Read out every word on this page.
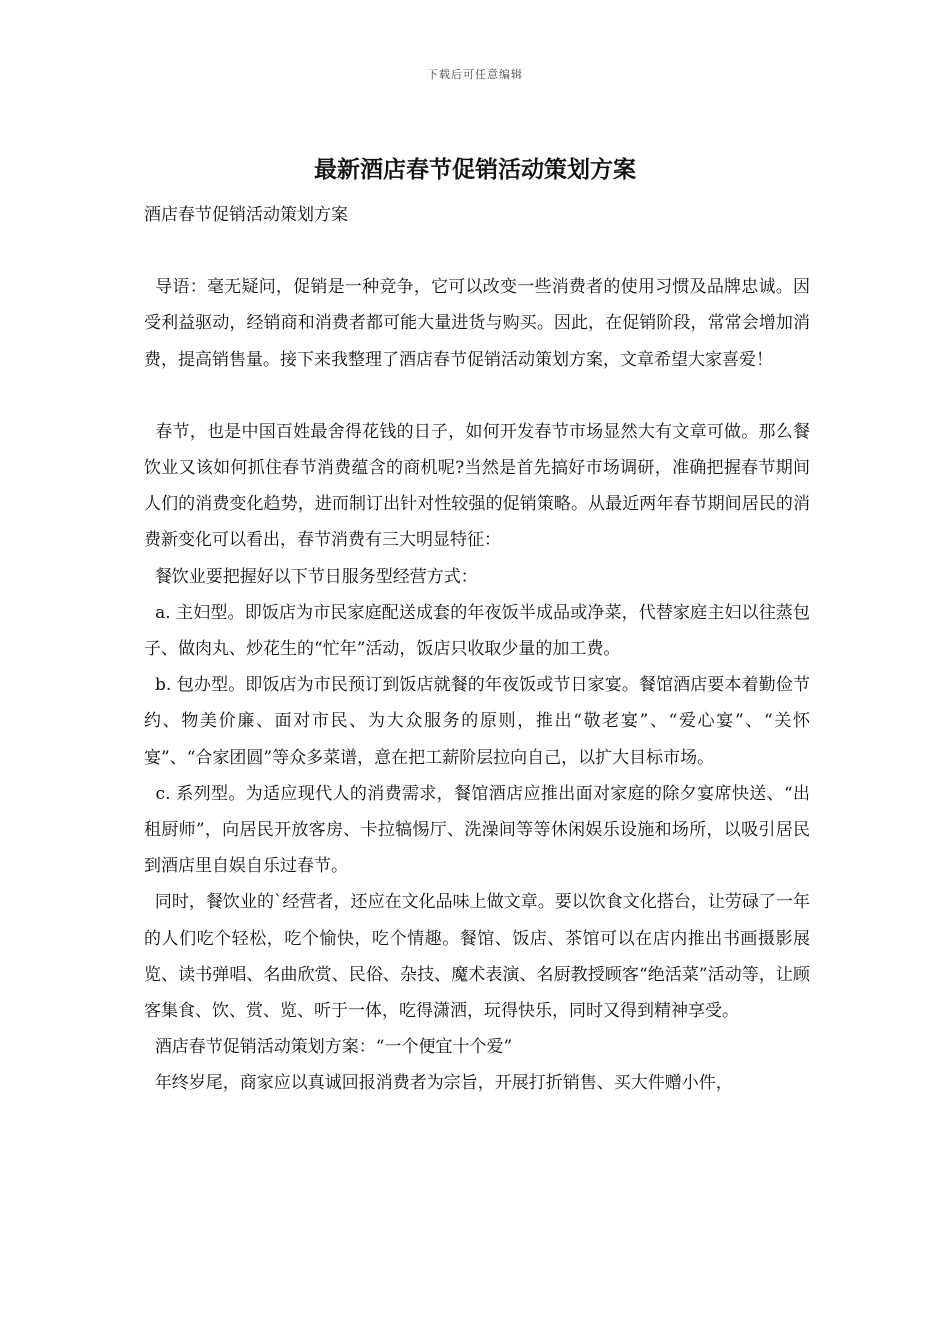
下载后可任意编辑
最新酒店春节促销活动策划方案

酒店春节促销活动策划方案

导语：毫无疑问，促销是一种竞争，它可以改变一些消费者的使用习惯及品牌忠诚。因受利益驱动，经销商和消费者都可能大量进货与购买。因此，在促销阶段，常常会增加消费，提高销售量。接下来我整理了酒店春节促销活动策划方案，文章希望大家喜爱！

春节，也是中国百姓最舍得花钱的日子，如何开发春节市场显然大有文章可做。那么餐饮业又该如何抓住春节消费蕴含的商机呢?当然是首先搞好市场调研，准确把握春节期间人们的消费变化趋势，进而制订出针对性较强的促销策略。从最近两年春节期间居民的消费新变化可以看出，春节消费有三大明显特征：

餐饮业要把握好以下节日服务型经营方式：

a. 主妇型。即饭店为市民家庭配送成套的年夜饭半成品或净菜，代替家庭主妇以往蒸包子、做肉丸、炒花生的“忙年”活动，饭店只收取少量的加工费。

b. 包办型。即饭店为市民预订到饭店就餐的年夜饭或节日家宴。餐馆酒店要本着勤俭节约、物美价廉、面对市民、为大众服务的原则，推出“敬老宴”、“爱心宴”、“关怀宴”、“合家团圆”等众多菜谱，意在把工薪阶层拉向自己，以扩大目标市场。

c. 系列型。为适应现代人的消费需求，餐馆酒店应推出面对家庭的除夕宴席快送、“出租厨师”，向居民开放客房、卡拉犒惕厅、洗澡间等等休闲娱乐设施和场所，以吸引居民到酒店里自娱自乐过春节。

同时，餐饮业的`经营者，还应在文化品味上做文章。要以饮食文化搭台，让劳碌了一年的人们吃个轻松，吃个愉快，吃个情趣。餐馆、饭店、茶馆可以在店内推出书画摄影展览、读书弹唱、名曲欣赏、民俗、杂技、魔术表演、名厨教授顾客“绝活菜”活动等，让顾客集食、饮、赏、览、听于一体，吃得潇洒，玩得快乐，同时又得到精神享受。

酒店春节促销活动策划方案：“一个便宜十个爱”

年终岁尾，商家应以真诚回报消费者为宗旨，开展打折销售、买大件赠小件，
